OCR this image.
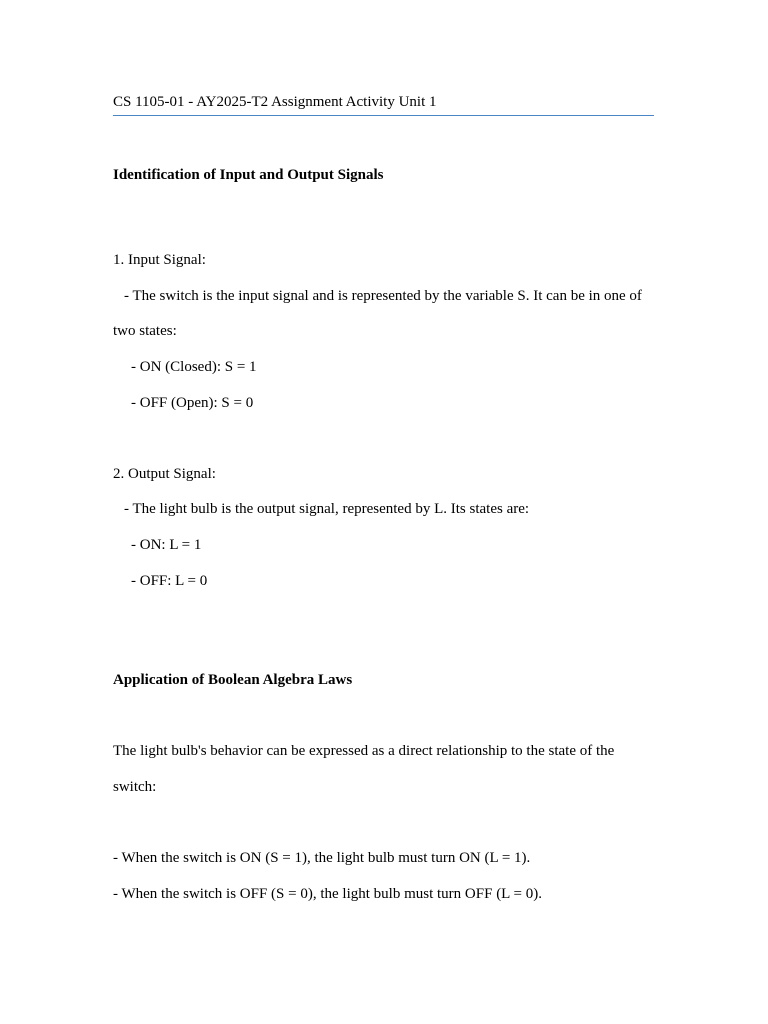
CS 1105-01 - AY2025-T2 Assignment Activity Unit 1
Identification of Input and Output Signals
1. Input Signal:
- The switch is the input signal and is represented by the variable S. It can be in one of
two states:
- ON (Closed): S = 1
- OFF (Open): S = 0
2. Output Signal:
- The light bulb is the output signal, represented by L. Its states are:
- ON: L = 1
- OFF: L = 0
Application of Boolean Algebra Laws
The light bulb's behavior can be expressed as a direct relationship to the state of the
switch:
- When the switch is ON (S = 1), the light bulb must turn ON (L = 1).
- When the switch is OFF (S = 0), the light bulb must turn OFF (L = 0).
